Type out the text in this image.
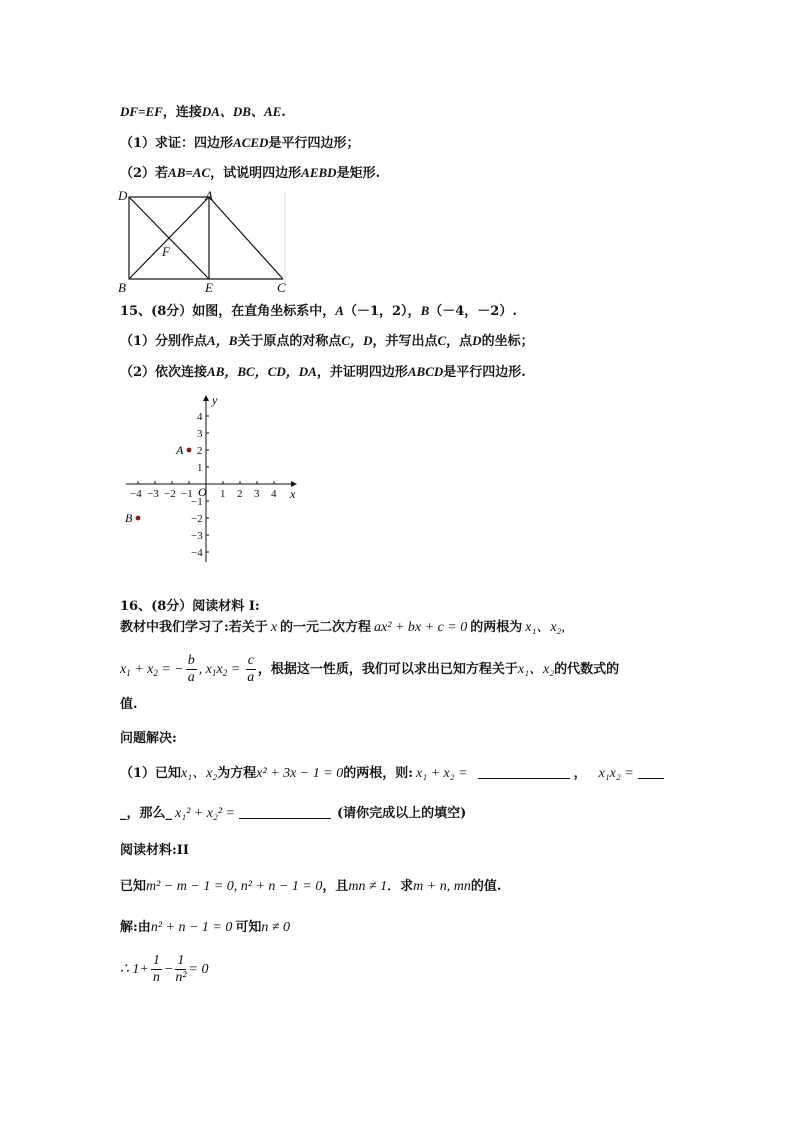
DF=EF，连接DA、DB、AE.
（1）求证：四边形ACED是平行四边形；
（2）若AB=AC，试说明四边形AEBD是矩形.
D	A
F
B	E	C
15、(8分）如图，在直角坐标系中，A（－1，2），B（－4，－2）.
（1）分别作点A，B关于原点的对称点C，D，并写出点C，点D的坐标；
（2）依次连接AB，BC，CD，DA，并证明四边形ABCD是平行四边形.
−4 −3 −2 −1 1 2 3 4
4
3
2
1
−1
−2
−3
−4
x
y
O
A
B
16、(8分）阅读材料 I:
教材中我们学习了:若关于 x 的一元二次方程 ax² + bx + c = 0 的两根为 x₁、x₂,
$x_1 + x_2$ = − $\frac{b}{a}$ , $x_1x_2 = \frac{c}{a}$ ，根据这一性质，我们可以求出已知方程关于x₁、x₂的代数式的
值.
问题解决:
（1）已知x₁、x₂为方程x² + 3x − 1 = 0的两根，则: x₁ + x₂ =	， x₁x₂ =
_，那么_ x₁² + x₂² =	(请你完成以上的填空)
阅读材料:II
已知m² − m − 1 = 0, n² + n − 1 = 0，且mn ≠ 1．求m + n, mn的值.
解:由n² + n − 1 = 0 可知n ≠ 0
∴ $1+ \frac{1}{n} - \frac{1}{\text{n²}} = 0$
